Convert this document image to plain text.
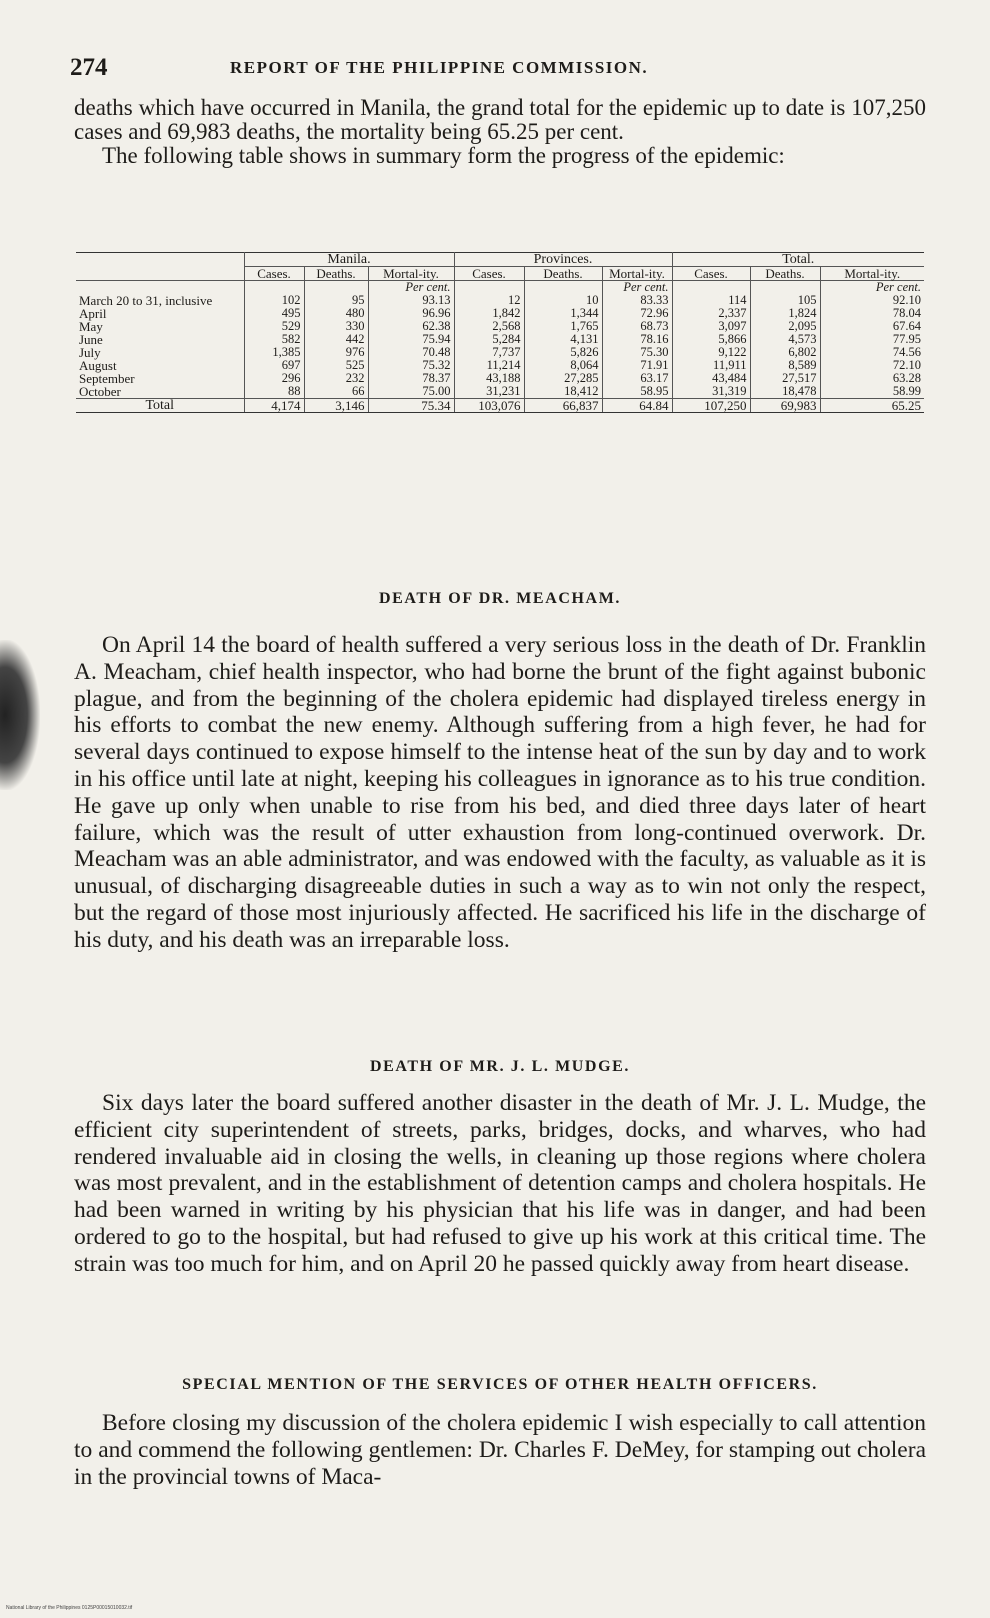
274	REPORT OF THE PHILIPPINE COMMISSION.

deaths which have occurred in Manila, the grand total for the epidemic up to date is 107,250 cases and 69,983 deaths, the mortality being 65.25 per cent.

The following table shows in summary form the progress of the epidemic:

	Manila.			Provinces.			Total.		
	Cases.	Deaths.	Mortal-ity.	Cases.	Deaths.	Mortal-ity.	Cases.	Deaths.	Mortal-ity.
			Per cent.			Per cent.			Per cent.
March 20 to 31, inclusive	102	95	93.13	12	10	83.33	114	105	92.10
April	495	480	96.96	1,842	1,344	72.96	2,337	1,824	78.04
May	529	330	62.38	2,568	1,765	68.73	3,097	2,095	67.64
June	582	442	75.94	5,284	4,131	78.16	5,866	4,573	77.95
July	1,385	976	70.48	7,737	5,826	75.30	9,122	6,802	74.56
August	697	525	75.32	11,214	8,064	71.91	11,911	8,589	72.10
September	296	232	78.37	43,188	27,285	63.17	43,484	27,517	63.28
October	88	66	75.00	31,231	18,412	58.95	31,319	18,478	58.99
Total	4,174	3,146	75.34	103,076	66,837	64.84	107,250	69,983	65.25
DEATH OF DR. MEACHAM.

On April 14 the board of health suffered a very serious loss in the death of Dr. Franklin A. Meacham, chief health inspector, who had borne the brunt of the fight against bubonic plague, and from the beginning of the cholera epidemic had displayed tireless energy in his efforts to combat the new enemy. Although suffering from a high fever, he had for several days continued to expose himself to the intense heat of the sun by day and to work in his office until late at night, keeping his colleagues in ignorance as to his true condition. He gave up only when unable to rise from his bed, and died three days later of heart failure, which was the result of utter exhaustion from long-continued overwork. Dr. Meacham was an able administrator, and was endowed with the faculty, as valuable as it is unusual, of discharging disagreeable duties in such a way as to win not only the respect, but the regard of those most injuriously affected. He sacrificed his life in the discharge of his duty, and his death was an irreparable loss.

DEATH OF MR. J. L. MUDGE.

Six days later the board suffered another disaster in the death of Mr. J. L. Mudge, the efficient city superintendent of streets, parks, bridges, docks, and wharves, who had rendered invaluable aid in closing the wells, in cleaning up those regions where cholera was most prevalent, and in the establishment of detention camps and cholera hospitals. He had been warned in writing by his physician that his life was in danger, and had been ordered to go to the hospital, but had refused to give up his work at this critical time. The strain was too much for him, and on April 20 he passed quickly away from heart disease.

SPECIAL MENTION OF THE SERVICES OF OTHER HEALTH OFFICERS.

Before closing my discussion of the cholera epidemic I wish especially to call attention to and commend the following gentlemen: Dr. Charles F. DeMey, for stamping out cholera in the provincial towns of Maca-

National Library of the Philippines 0125P00015010032.tif
